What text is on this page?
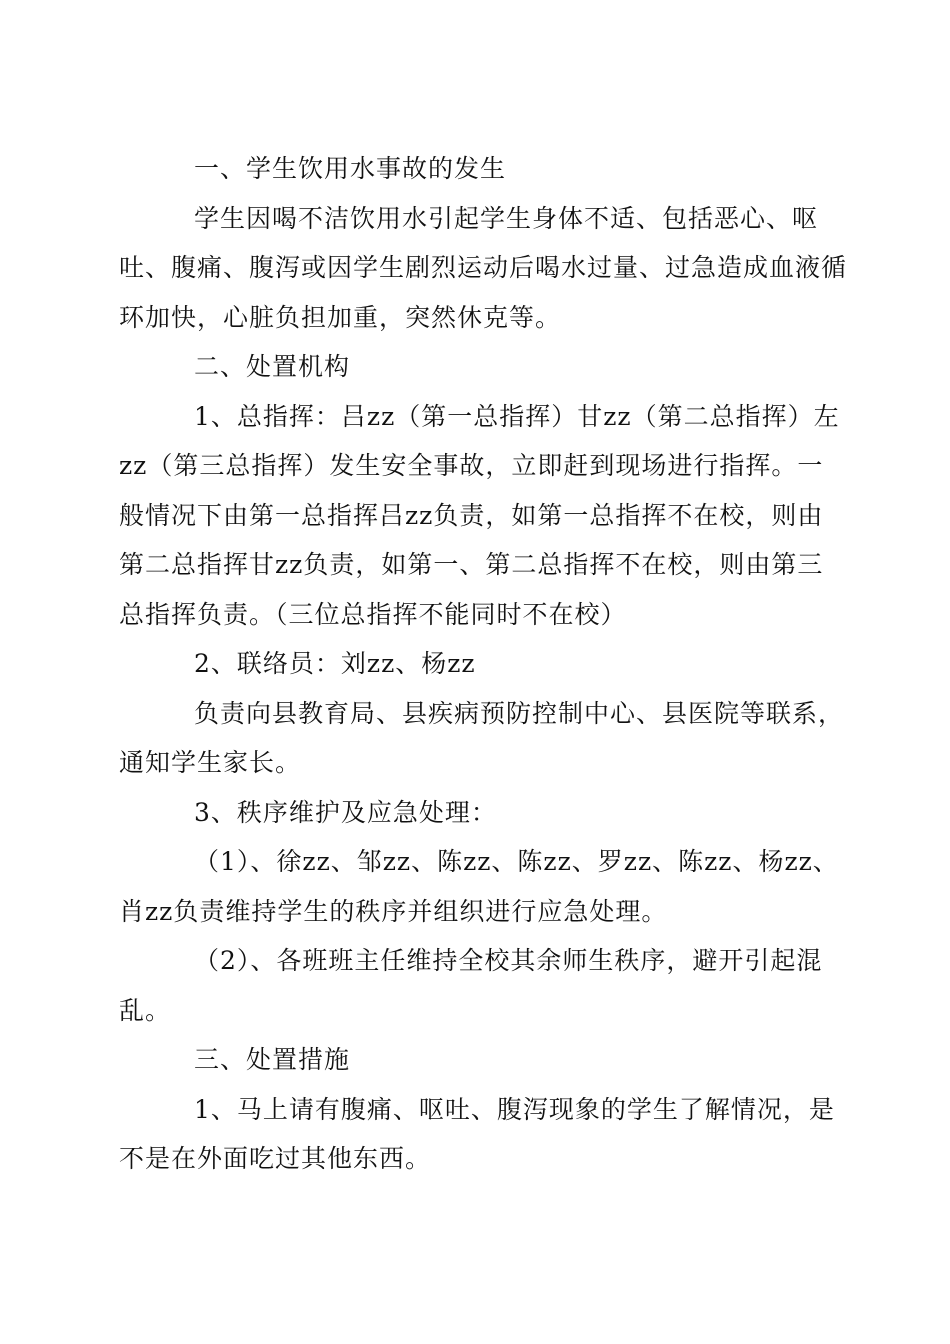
一、学生饮用水事故的发生

学生因喝不洁饮用水引起学生身体不适、包括恶心、呕吐、腹痛、腹泻或因学生剧烈运动后喝水过量、过急造成血液循环加快，心脏负担加重，突然休克等。

二、处置机构

1、总指挥：吕zz（第一总指挥）甘zz（第二总指挥）左zz（第三总指挥）发生安全事故，立即赶到现场进行指挥。一般情况下由第一总指挥吕zz负责，如第一总指挥不在校，则由第二总指挥甘zz负责，如第一、第二总指挥不在校，则由第三总指挥负责。（三位总指挥不能同时不在校）

2、联络员：刘zz、杨zz

负责向县教育局、县疾病预防控制中心、县医院等联系，通知学生家长。

3、秩序维护及应急处理：

（1）、徐zz、邹zz、陈zz、陈zz、罗zz、陈zz、杨zz、肖zz负责维持学生的秩序并组织进行应急处理。

（2）、各班班主任维持全校其余师生秩序，避开引起混乱。

三、处置措施

1、马上请有腹痛、呕吐、腹泻现象的学生了解情况，是不是在外面吃过其他东西。
